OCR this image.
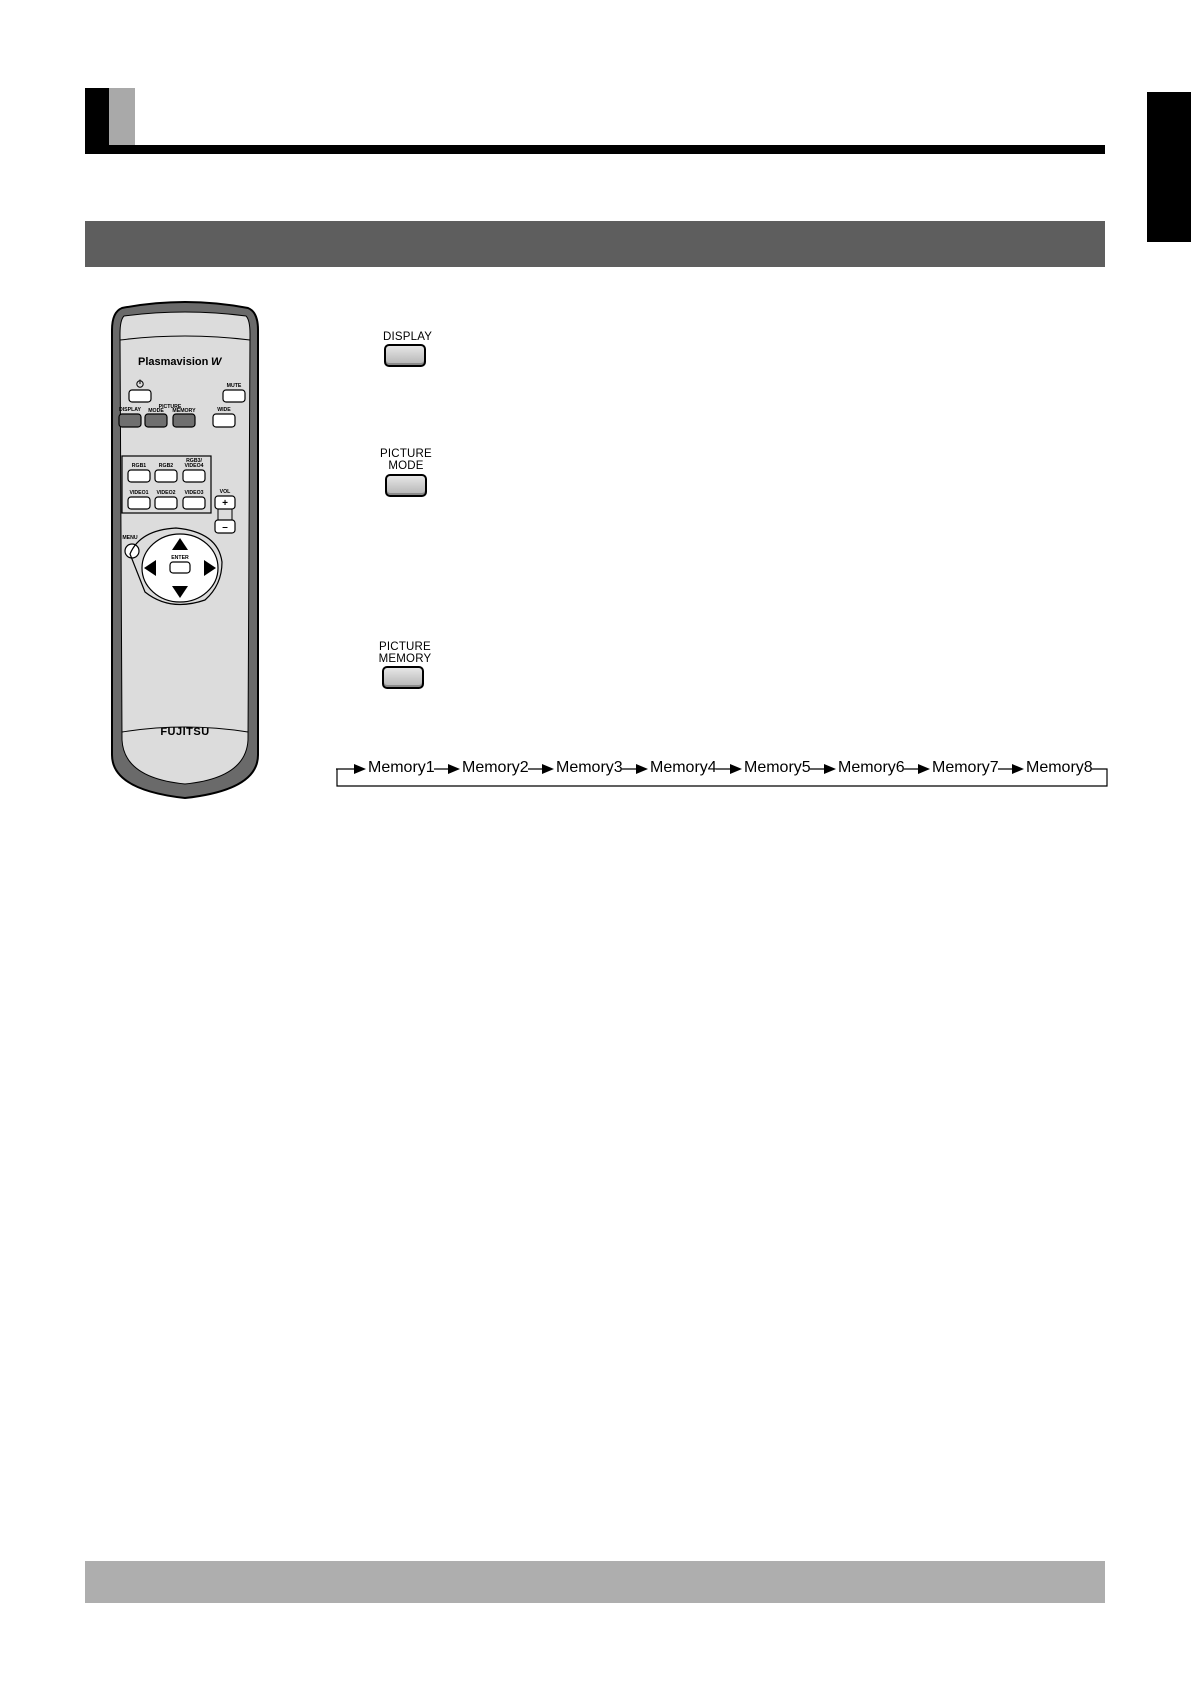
Plasmavision W
MUTE
DISPLAY	PICTURE
MODE MEMORY	WIDE
RGB1 RGB2
RGB3/
VIDEO4
VIDEO1 VIDEO2 VIDEO3	VOL
+
–
MENU
ENTER
FUJITSU
DISPLAY
PICTURE
MODE
PICTURE
MEMORY
Memory1 Memory2 Memory3 Memory4 Memory5 Memory6 Memory7 Memory8
